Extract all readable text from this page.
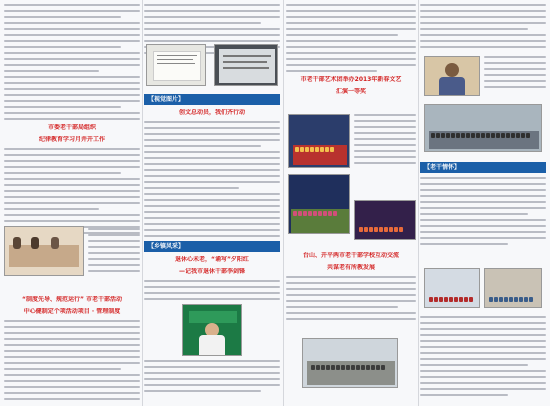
市委老干部局组织
纪律教育学习月并开工作
“制度先导、规范运行” 市老干部活动
中心健制定个项活动项目 · 管理制度
【视觉图片】
创文总动员，我们齐行动
【乡镇风采】
退休心未老，“诵写”夕阳红
—记我市退休干部李剑锋
市老干部艺术团举办2013年新春文艺
汇演一等奖
台山、开平两市老干部学校互动交流
共谋老有所教发展
【老干情怀】
